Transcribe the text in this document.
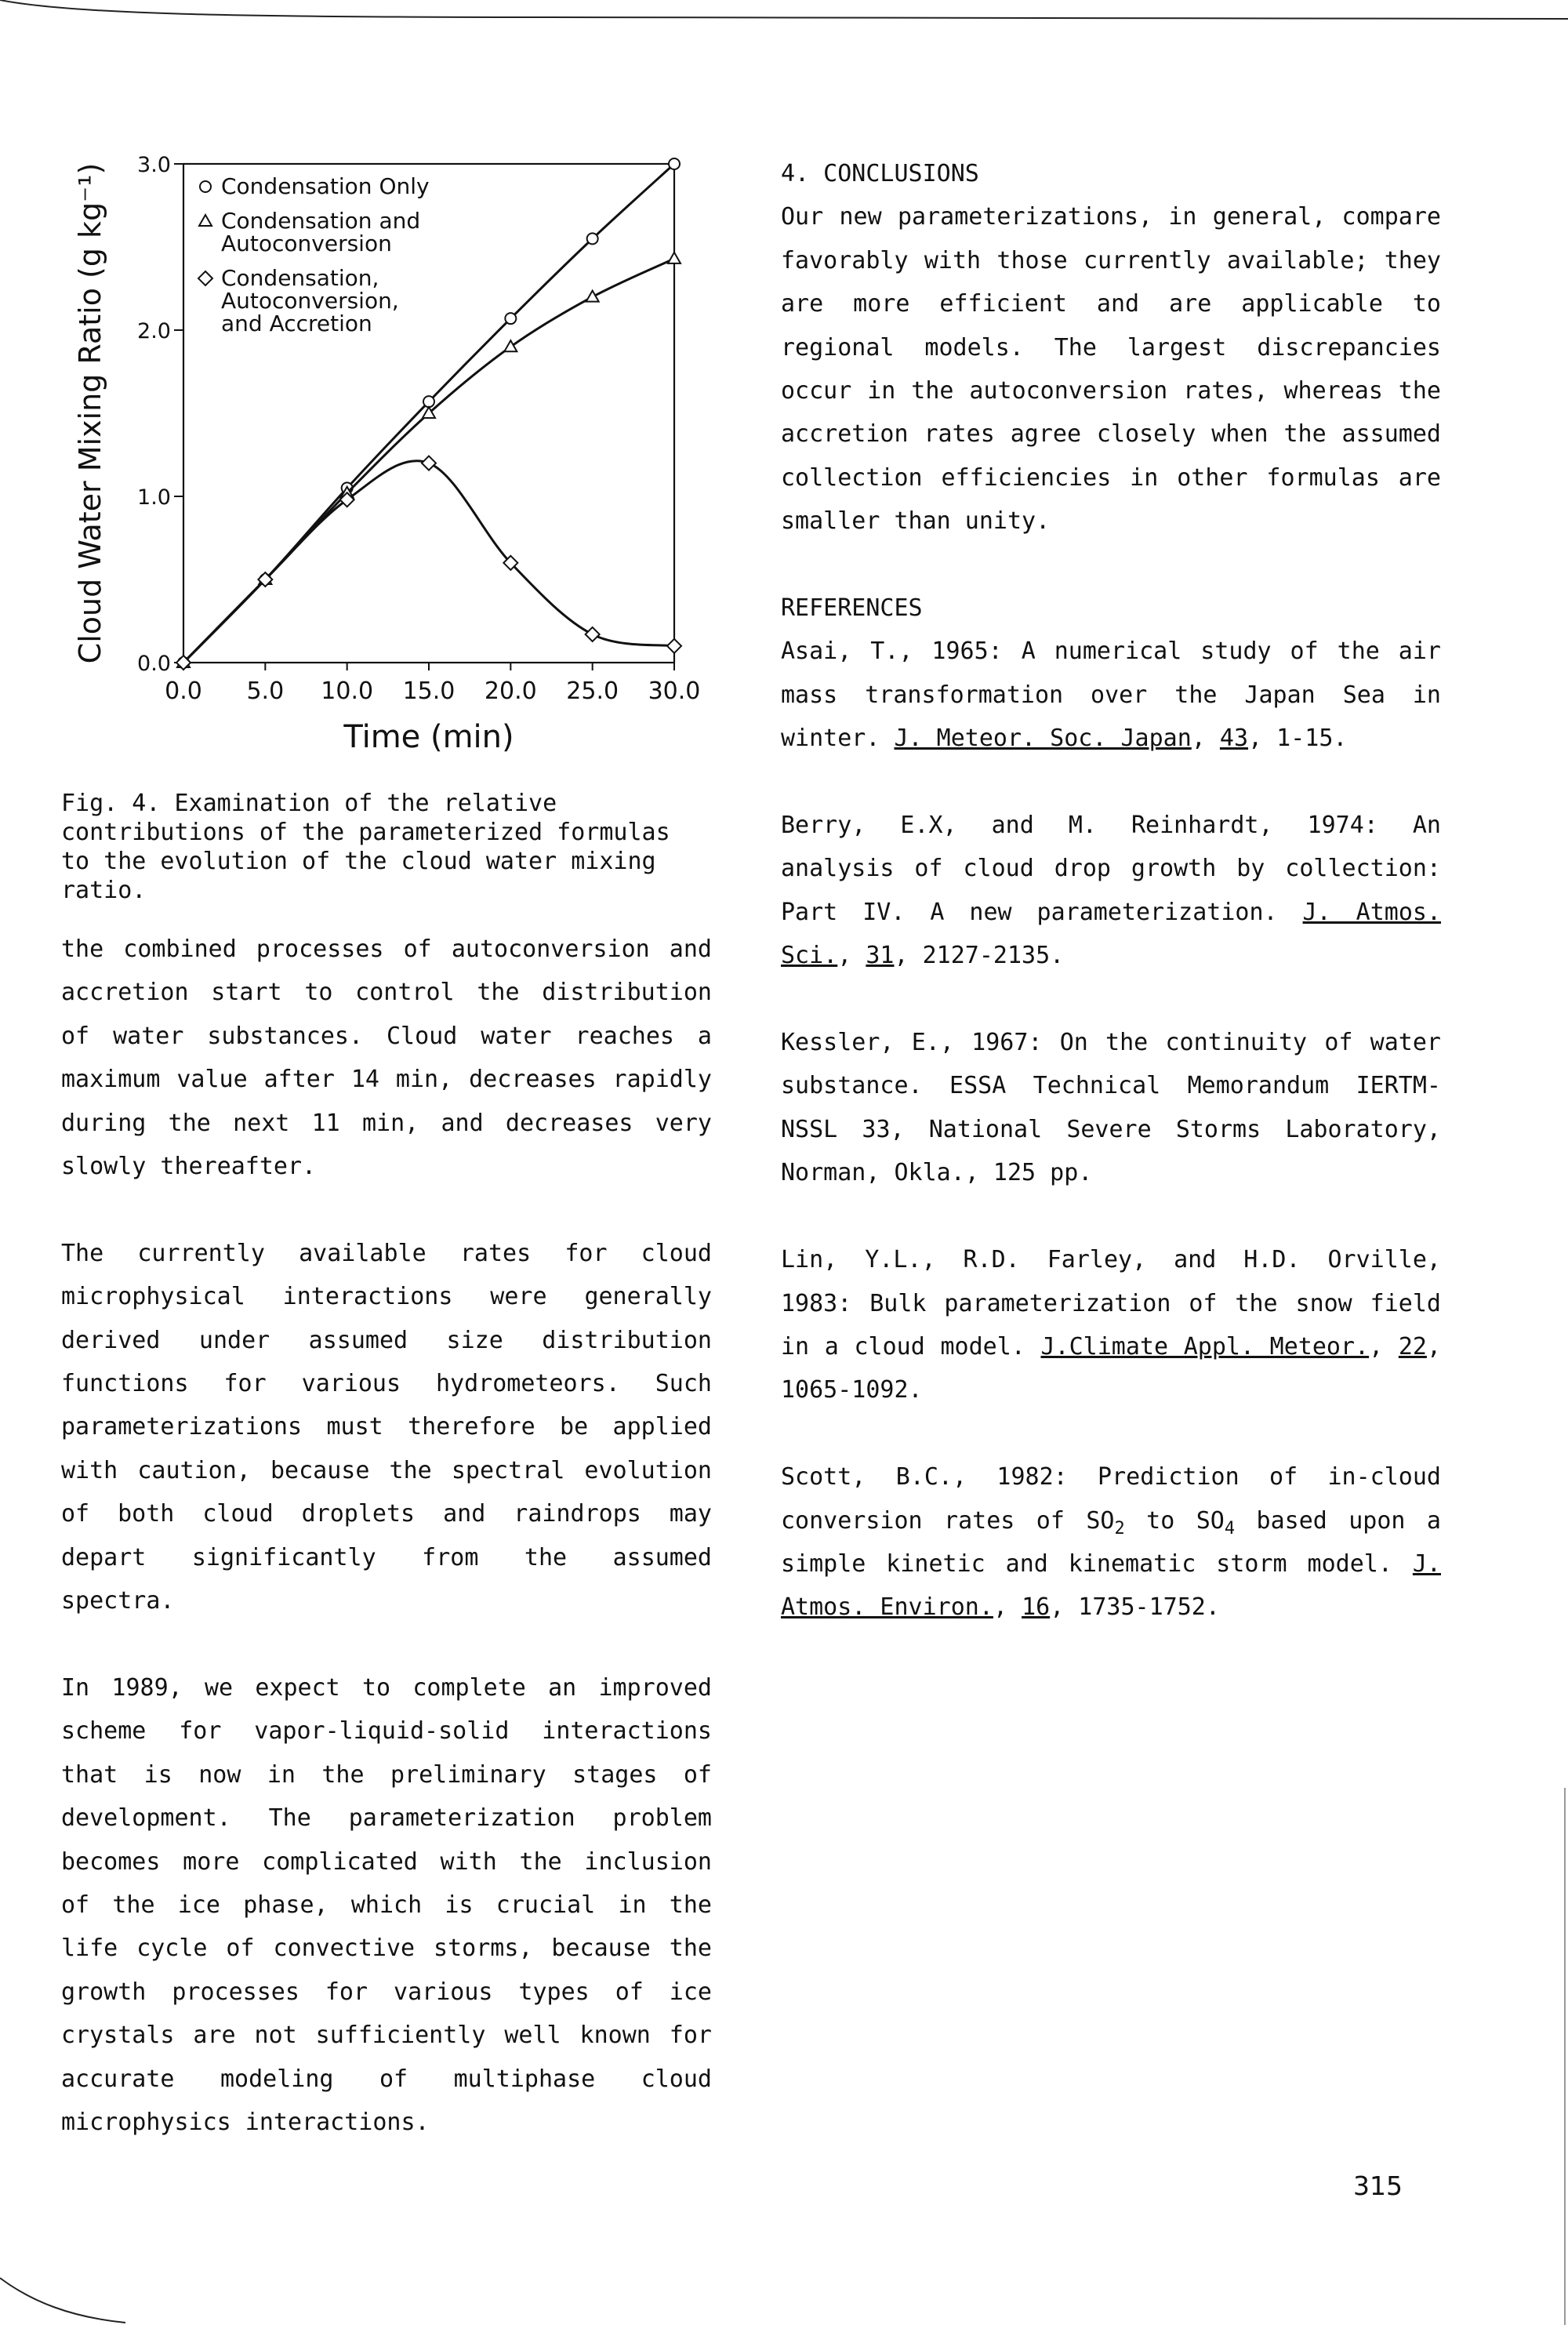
Time (min)
Cloud Water Mixing Ratio (g kg⁻¹)
0.0 5.0 10.0 15.0 20.0 25.0 30.0
0.0
1.0
2.0
3.0
Condensation Only
Condensation and
Autoconversion
Condensation,
Autoconversion,
and Accretion

Fig. 4. Examination of the relative contributions of the parameterized formulas to the evolution of the cloud water mixing ratio.

the combined processes of autoconversion and accretion start to control the distribution of water substances. Cloud water reaches a maximum value after 14 min, decreases rapidly during the next 11 min, and decreases very slowly thereafter.

The currently available rates for cloud microphysical interactions were generally derived under assumed size distribution functions for various hydrometeors. Such parameterizations must therefore be applied with caution, because the spectral evolution of both cloud droplets and raindrops may depart significantly from the assumed spectra.

In 1989, we expect to complete an improved scheme for vapor-liquid-solid interactions that is now in the preliminary stages of development. The parameterization problem becomes more complicated with the inclusion of the ice phase, which is crucial in the life cycle of convective storms, because the growth processes for various types of ice crystals are not sufficiently well known for accurate modeling of multiphase cloud microphysics interactions.

4. CONCLUSIONS

Our new parameterizations, in general, compare favorably with those currently available; they are more efficient and are applicable to regional models. The largest discrepancies occur in the autoconversion rates, whereas the accretion rates agree closely when the assumed collection efficiencies in other formulas are smaller than unity.

REFERENCES

Asai, T., 1965: A numerical study of the air mass transformation over the Japan Sea in winter. J. Meteor. Soc. Japan, 43, 1-15.

Berry, E.X, and M. Reinhardt, 1974: An analysis of cloud drop growth by collection: Part IV. A new parameterization. J. Atmos. Sci., 31, 2127-2135.

Kessler, E., 1967: On the continuity of water substance. ESSA Technical Memorandum IERTM-NSSL 33, National Severe Storms Laboratory, Norman, Okla., 125 pp.

Lin, Y.L., R.D. Farley, and H.D. Orville, 1983: Bulk parameterization of the snow field in a cloud model. J.Climate Appl. Meteor., 22, 1065-1092.

Scott, B.C., 1982: Prediction of in-cloud conversion rates of $SO_2$ to $SO_4$ based upon a simple kinetic and kinematic storm model. J. Atmos. Environ., 16, 1735-1752.

315
